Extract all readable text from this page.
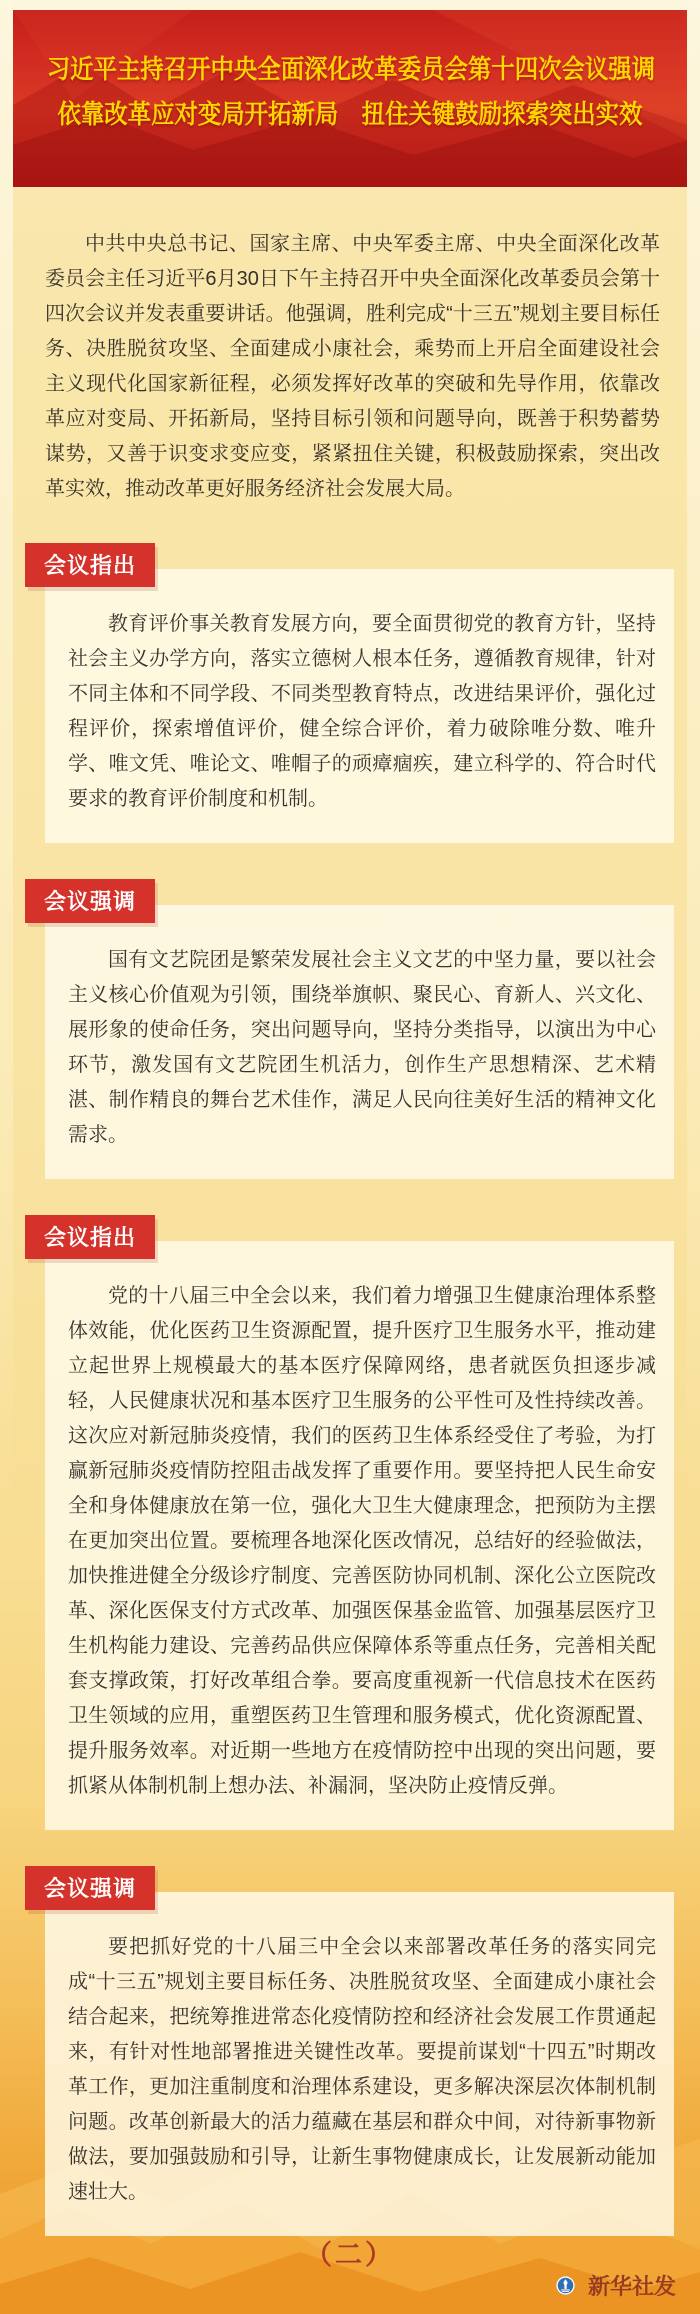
习近平主持召开中央全面深化改革委员会第十四次会议强调
依靠改革应对变局开拓新局　扭住关键鼓励探索突出实效

中共中央总书记、国家主席、中央军委主席、中央全面深化改革委员会主任习近平6月30日下午主持召开中央全面深化改革委员会第十四次会议并发表重要讲话。他强调，胜利完成“十三五”规划主要目标任务、决胜脱贫攻坚、全面建成小康社会，乘势而上开启全面建设社会主义现代化国家新征程，必须发挥好改革的突破和先导作用，依靠改革应对变局、开拓新局，坚持目标引领和问题导向，既善于积势蓄势谋势，又善于识变求变应变，紧紧扭住关键，积极鼓励探索，突出改革实效，推动改革更好服务经济社会发展大局。

会议指出

教育评价事关教育发展方向，要全面贯彻党的教育方针，坚持社会主义办学方向，落实立德树人根本任务，遵循教育规律，针对不同主体和不同学段、不同类型教育特点，改进结果评价，强化过程评价，探索增值评价，健全综合评价，着力破除唯分数、唯升学、唯文凭、唯论文、唯帽子的顽瘴痼疾，建立科学的、符合时代要求的教育评价制度和机制。

会议强调

国有文艺院团是繁荣发展社会主义文艺的中坚力量，要以社会主义核心价值观为引领，围绕举旗帜、聚民心、育新人、兴文化、展形象的使命任务，突出问题导向，坚持分类指导，以演出为中心环节，激发国有文艺院团生机活力，创作生产思想精深、艺术精湛、制作精良的舞台艺术佳作，满足人民向往美好生活的精神文化需求。

会议指出

党的十八届三中全会以来，我们着力增强卫生健康治理体系整体效能，优化医药卫生资源配置，提升医疗卫生服务水平，推动建立起世界上规模最大的基本医疗保障网络，患者就医负担逐步减轻，人民健康状况和基本医疗卫生服务的公平性可及性持续改善。这次应对新冠肺炎疫情，我们的医药卫生体系经受住了考验，为打赢新冠肺炎疫情防控阻击战发挥了重要作用。要坚持把人民生命安全和身体健康放在第一位，强化大卫生大健康理念，把预防为主摆在更加突出位置。要梳理各地深化医改情况，总结好的经验做法，加快推进健全分级诊疗制度、完善医防协同机制、深化公立医院改革、深化医保支付方式改革、加强医保基金监管、加强基层医疗卫生机构能力建设、完善药品供应保障体系等重点任务，完善相关配套支撑政策，打好改革组合拳。要高度重视新一代信息技术在医药卫生领域的应用，重塑医药卫生管理和服务模式，优化资源配置、提升服务效率。对近期一些地方在疫情防控中出现的突出问题，要抓紧从体制机制上想办法、补漏洞，坚决防止疫情反弹。

会议强调

要把抓好党的十八届三中全会以来部署改革任务的落实同完成“十三五”规划主要目标任务、决胜脱贫攻坚、全面建成小康社会结合起来，把统筹推进常态化疫情防控和经济社会发展工作贯通起来，有针对性地部署推进关键性改革。要提前谋划“十四五”时期改革工作，更加注重制度和治理体系建设，更多解决深层次体制机制问题。改革创新最大的活力蕴藏在基层和群众中间，对待新事物新做法，要加强鼓励和引导，让新生事物健康成长，让发展新动能加速壮大。

（二）
新华社发
